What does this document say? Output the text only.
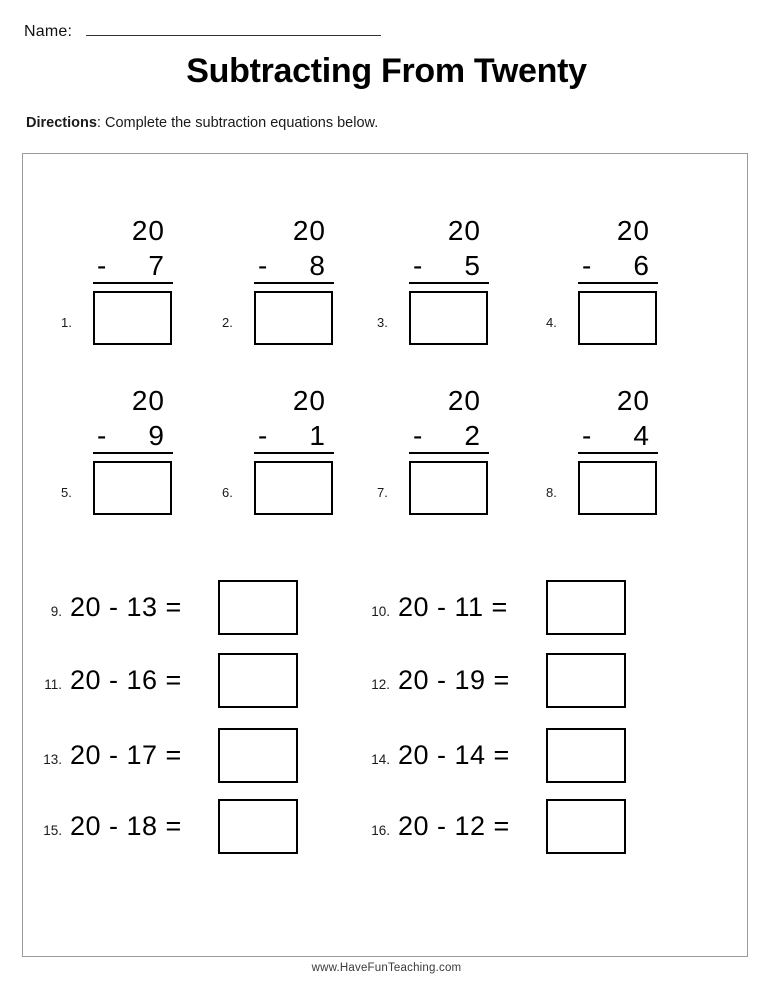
Name:
Subtracting From Twenty
Directions: Complete the subtraction equations below.
20
- 7
1.
20
- 8
2.
20
- 5
3.
20
- 6
4.
20
- 9
5.
20
- 1
6.
20
- 2
7.
20
- 4
8.
9. 20 - 13 =	10. 20 - 11 =
11. 20 - 16 =	12. 20 - 19 =
13. 20 - 17 =	14. 20 - 14 =
15. 20 - 18 =	16. 20 - 12 =
www.HaveFunTeaching.com
